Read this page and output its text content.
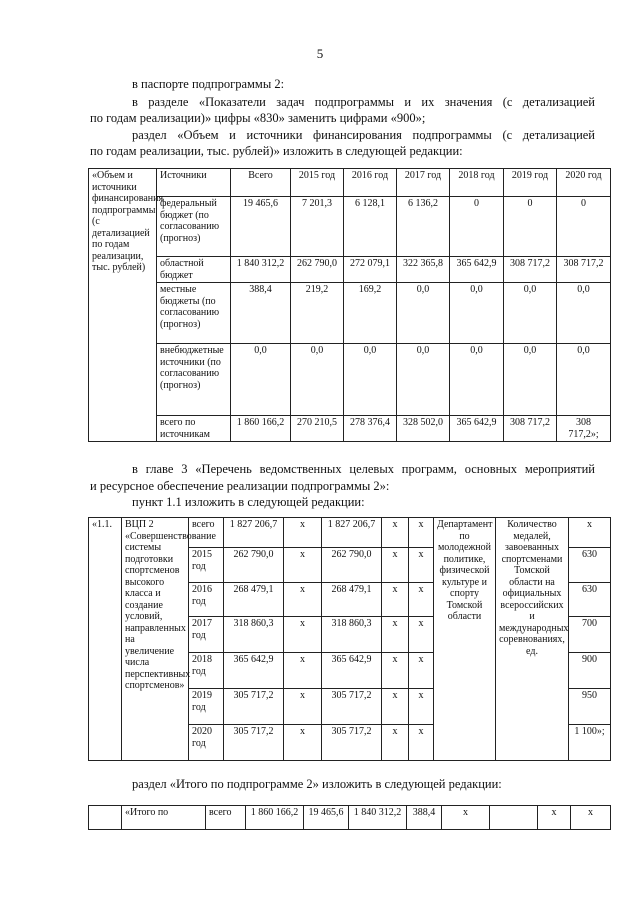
5
в паспорте подпрограммы 2:
в разделе «Показатели задач подпрограммы и их значения (с детализацией
по годам реализации)» цифры «830» заменить цифрами «900»;
раздел «Объем и источники финансирования подпрограммы (с детализацией
по годам реализации, тыс. рублей)» изложить в следующей редакции:
«Объем и источники финансирования подпрограммы (с детализацией по годам реализации, тыс. рублей)	Источники	Всего	2015 год	2016 год	2017 год	2018 год	2019 год	2020 год
	федеральный бюджет (по согласованию (прогноз)	19 465,6	7 201,3	6 128,1	6 136,2	0	0	0
	областной бюджет	1 840 312,2	262 790,0	272 079,1	322 365,8	365 642,9	308 717,2	308 717,2
	местные бюджеты (по согласованию (прогноз)	388,4	219,2	169,2	0,0	0,0	0,0	0,0
	внебюджетные источники (по согласованию (прогноз)	0,0	0,0	0,0	0,0	0,0	0,0	0,0
	всего по источникам	1 860 166,2	270 210,5	278 376,4	328 502,0	365 642,9	308 717,2	308 717,2»;
в главе 3 «Перечень ведомственных целевых программ, основных мероприятий
и ресурсное обеспечение реализации подпрограммы 2»:
пункт 1.1 изложить в следующей редакции:
«1.1.	ВЦП 2 «Совершенствование системы подготовки спортсменов высокого класса и создание условий, направленных на увеличение числа перспективных спортсменов»	всего	1 827 206,7	х	1 827 206,7	х	х	Департамент по молодежной политике, физической культуре и спорту Томской области	Количество медалей, завоеванных спортсменами Томской области на официальных всероссийских и международных соревнованиях, ед.	х
		2015 год	262 790,0	х	262 790,0	х	х			630
		2016 год	268 479,1	х	268 479,1	х	х			630
		2017 год	318 860,3	х	318 860,3	х	х			700
		2018 год	365 642,9	х	365 642,9	х	х			900
		2019 год	305 717,2	х	305 717,2	х	х			950
		2020 год	305 717,2	х	305 717,2	х	х			1 100»;
раздел «Итого по подпрограмме 2» изложить в следующей редакции:
	«Итого по	всего	1 860 166,2	19 465,6	1 840 312,2	388,4	х		х	х
